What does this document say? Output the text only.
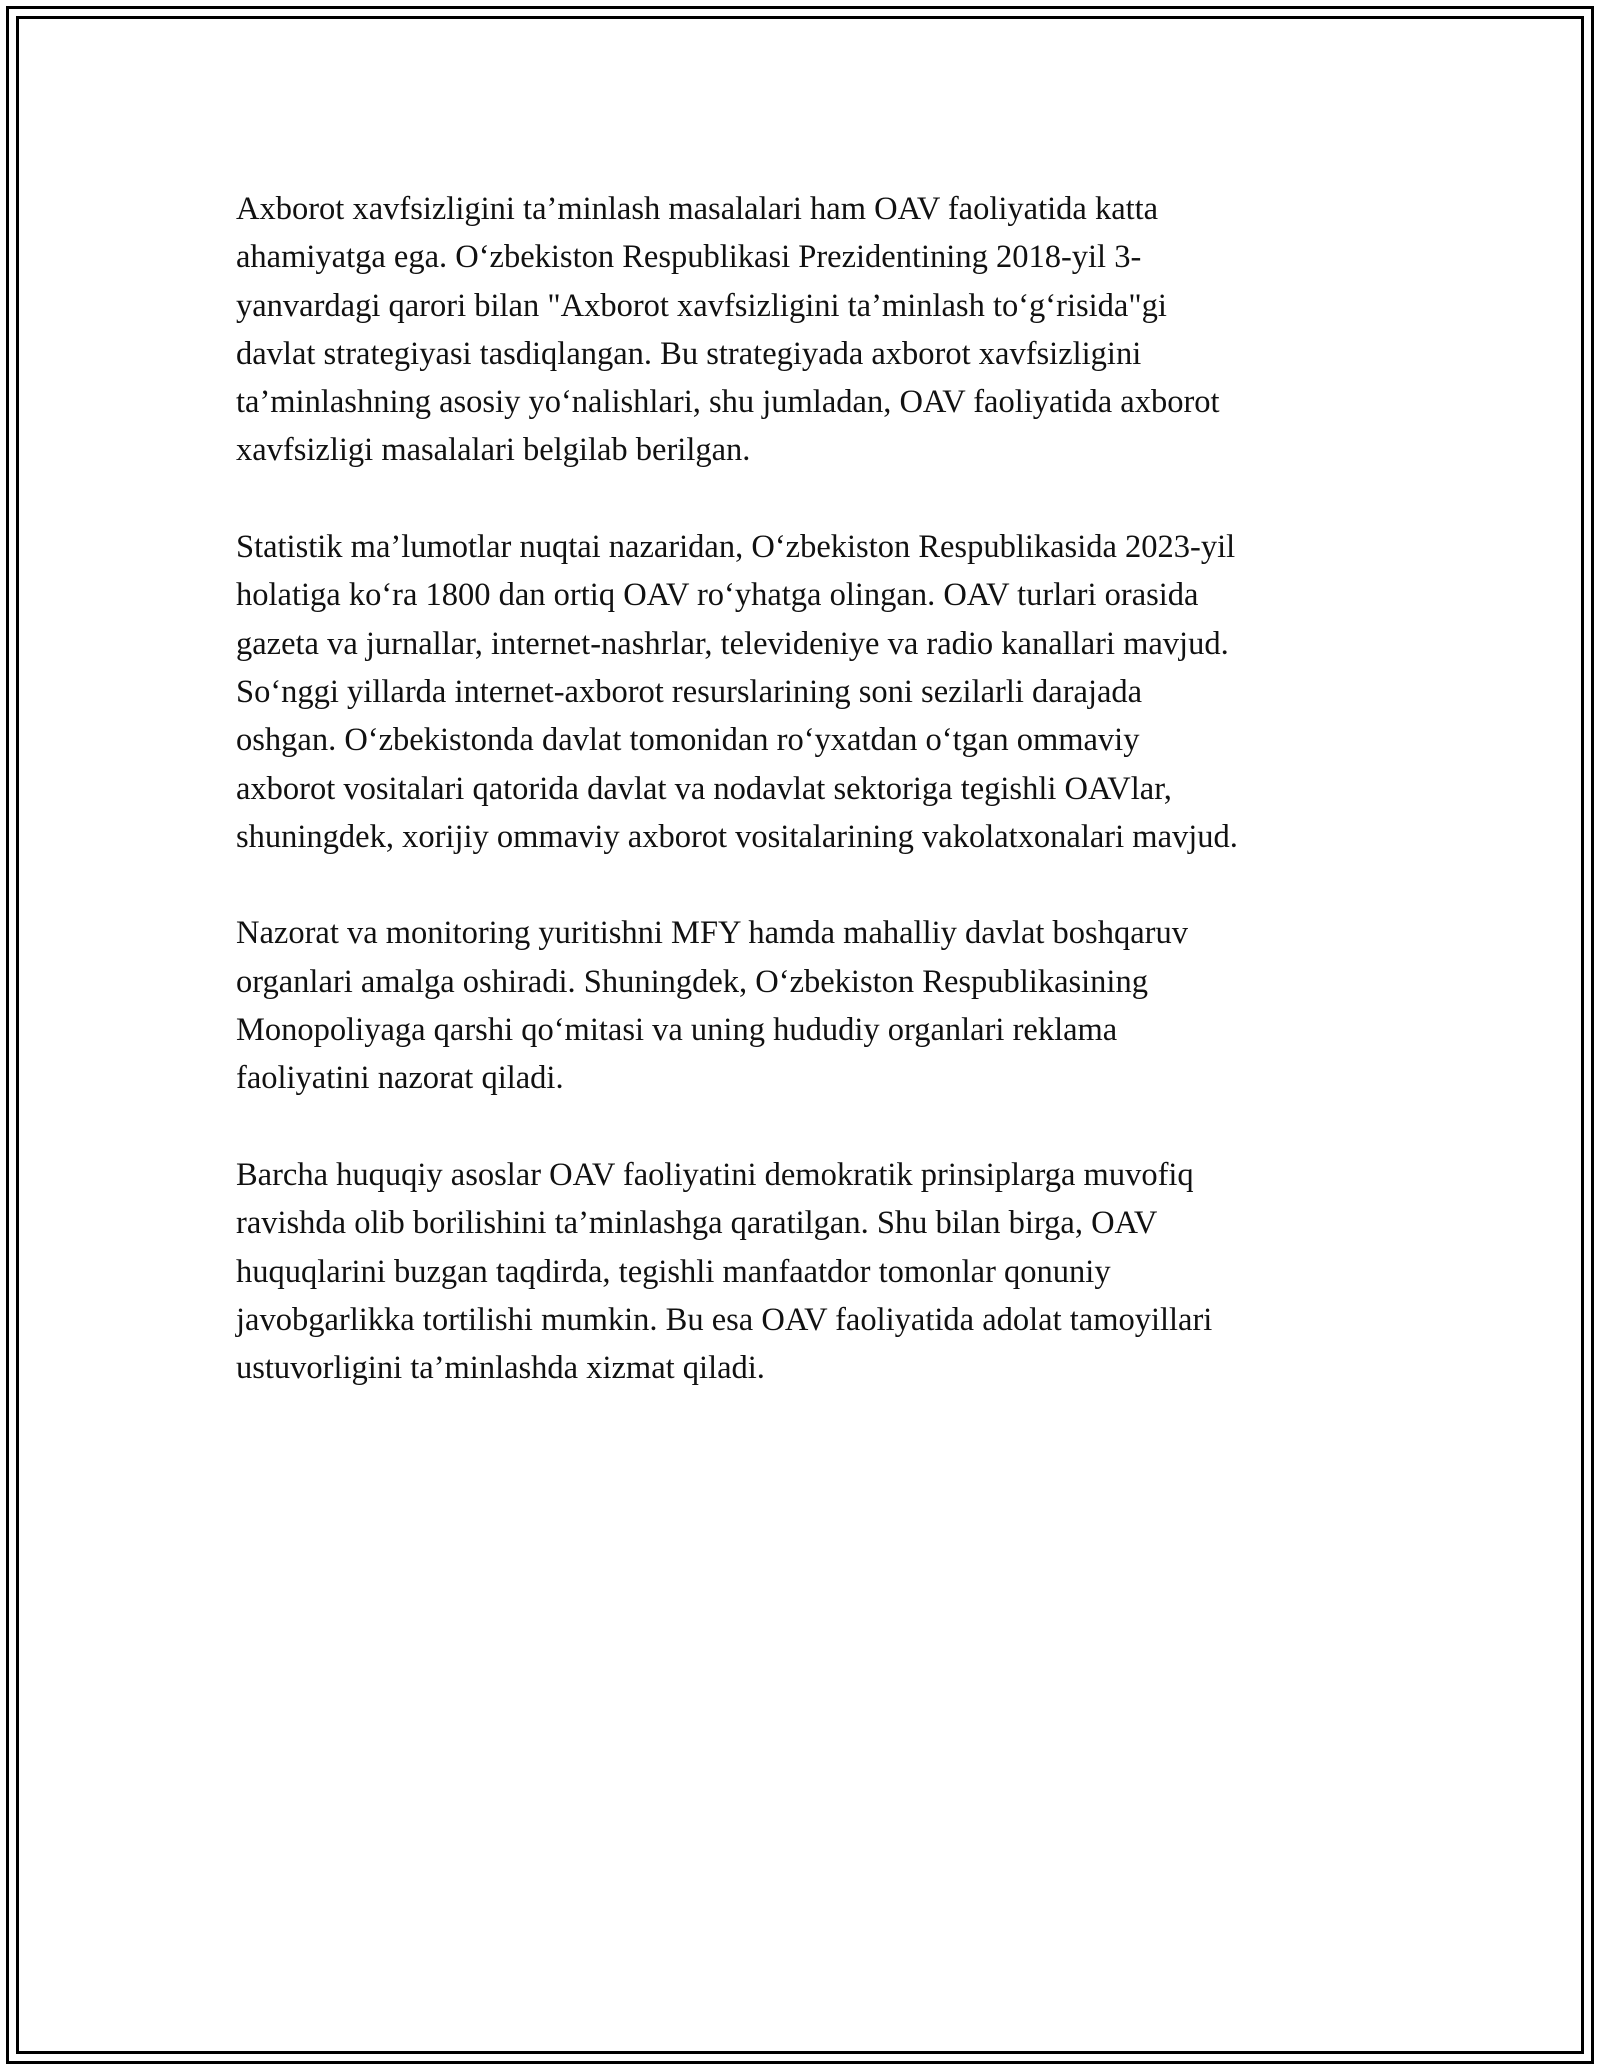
Axborot xavfsizligini ta’minlash masalalari ham OAV faoliyatida katta
ahamiyatga ega. O‘zbekiston Respublikasi Prezidentining 2018-yil 3-
yanvardagi qarori bilan "Axborot xavfsizligini ta’minlash to‘g‘risida"gi
davlat strategiyasi tasdiqlangan. Bu strategiyada axborot xavfsizligini
ta’minlashning asosiy yo‘nalishlari, shu jumladan, OAV faoliyatida axborot
xavfsizligi masalalari belgilab berilgan.

Statistik ma’lumotlar nuqtai nazaridan, O‘zbekiston Respublikasida 2023-yil
holatiga ko‘ra 1800 dan ortiq OAV ro‘yhatga olingan. OAV turlari orasida
gazeta va jurnallar, internet-nashrlar, televideniye va radio kanallari mavjud.
So‘nggi yillarda internet-axborot resurslarining soni sezilarli darajada
oshgan. O‘zbekistonda davlat tomonidan ro‘yxatdan o‘tgan ommaviy
axborot vositalari qatorida davlat va nodavlat sektoriga tegishli OAVlar,
shuningdek, xorijiy ommaviy axborot vositalarining vakolatxonalari mavjud.

Nazorat va monitoring yuritishni MFY hamda mahalliy davlat boshqaruv
organlari amalga oshiradi. Shuningdek, O‘zbekiston Respublikasining
Monopoliyaga qarshi qo‘mitasi va uning hududiy organlari reklama
faoliyatini nazorat qiladi.

Barcha huquqiy asoslar OAV faoliyatini demokratik prinsiplarga muvofiq
ravishda olib borilishini ta’minlashga qaratilgan. Shu bilan birga, OAV
huquqlarini buzgan taqdirda, tegishli manfaatdor tomonlar qonuniy
javobgarlikka tortilishi mumkin. Bu esa OAV faoliyatida adolat tamoyillari
ustuvorligini ta’minlashda xizmat qiladi.
